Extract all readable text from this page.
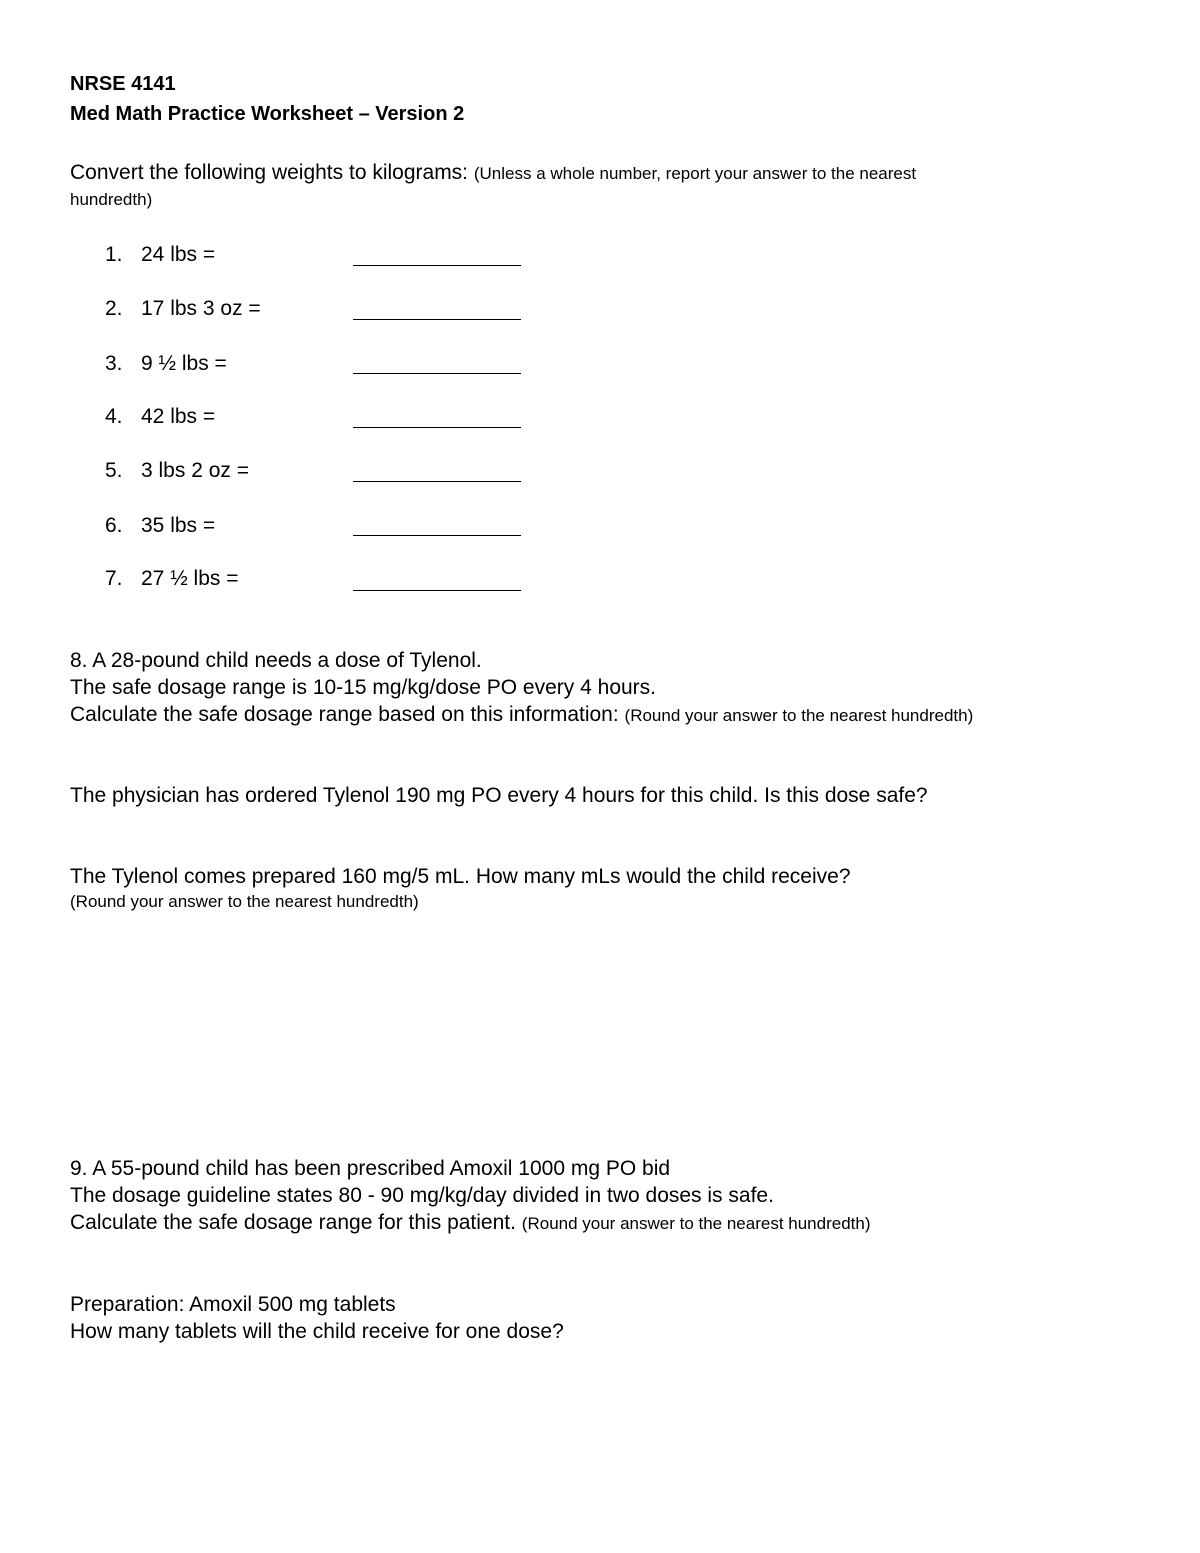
NRSE 4141
Med Math Practice Worksheet – Version 2
Convert the following weights to kilograms: (Unless a whole number, report your answer to the nearest
hundredth)
1. 24 lbs =
2. 17 lbs 3 oz =
3. 9 ½ lbs =
4. 42 lbs =
5. 3 lbs 2 oz =
6. 35 lbs =
7. 27 ½ lbs =
8. A 28-pound child needs a dose of Tylenol.
The safe dosage range is 10-15 mg/kg/dose PO every 4 hours.
Calculate the safe dosage range based on this information: (Round your answer to the nearest hundredth)
The physician has ordered Tylenol 190 mg PO every 4 hours for this child. Is this dose safe?
The Tylenol comes prepared 160 mg/5 mL. How many mLs would the child receive?
(Round your answer to the nearest hundredth)
9. A 55-pound child has been prescribed Amoxil 1000 mg PO bid
The dosage guideline states 80 - 90 mg/kg/day divided in two doses is safe.
Calculate the safe dosage range for this patient. (Round your answer to the nearest hundredth)
Preparation: Amoxil 500 mg tablets
How many tablets will the child receive for one dose?
